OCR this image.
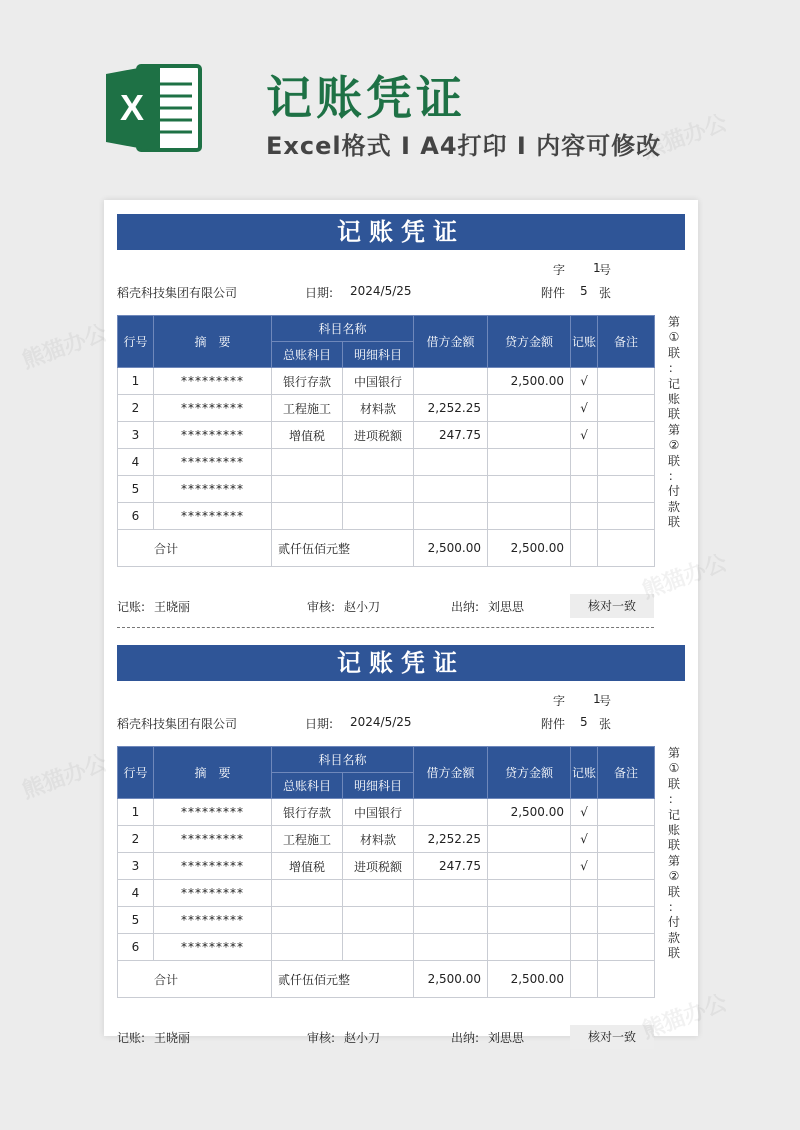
X	记账凭证
Excel格式 I A4打印 I 内容可修改
记账凭证
字 1
号
稻壳科技集团有限公司	日期: 2024/5/25	附件 5 张
行号	摘　要	科目名称		借方金额	贷方金额	记账	备注
		总账科目	明细科目				
1	*********	银行存款	中国银行		2,500.00	√	
2	*********	工程施工	材料款	2,252.25		√	
3	*********	增值税	进项税额	247.75		√	
4	*********						
5	*********						
6	*********						
合计		贰仟伍佰元整		2,500.00	2,500.00		
第
①
联
：
记
账
联
第
②
联
：
付
款
联
记账: 王晓丽	审核: 赵小刀	出纳: 刘思思	核对一致
记账凭证
字 1
号
稻壳科技集团有限公司	日期: 2024/5/25	附件 5 张
行号	摘　要	科目名称		借方金额	贷方金额	记账	备注
		总账科目	明细科目				
1	*********	银行存款	中国银行		2,500.00	√	
2	*********	工程施工	材料款	2,252.25		√	
3	*********	增值税	进项税额	247.75		√	
4	*********						
5	*********						
6	*********						
合计		贰仟伍佰元整		2,500.00	2,500.00		
第
①
联
：
记
账
联
第
②
联
：
付
款
联
记账: 王晓丽	审核: 赵小刀	出纳: 刘思思	核对一致
熊猫办公
熊猫办公
熊猫办公
